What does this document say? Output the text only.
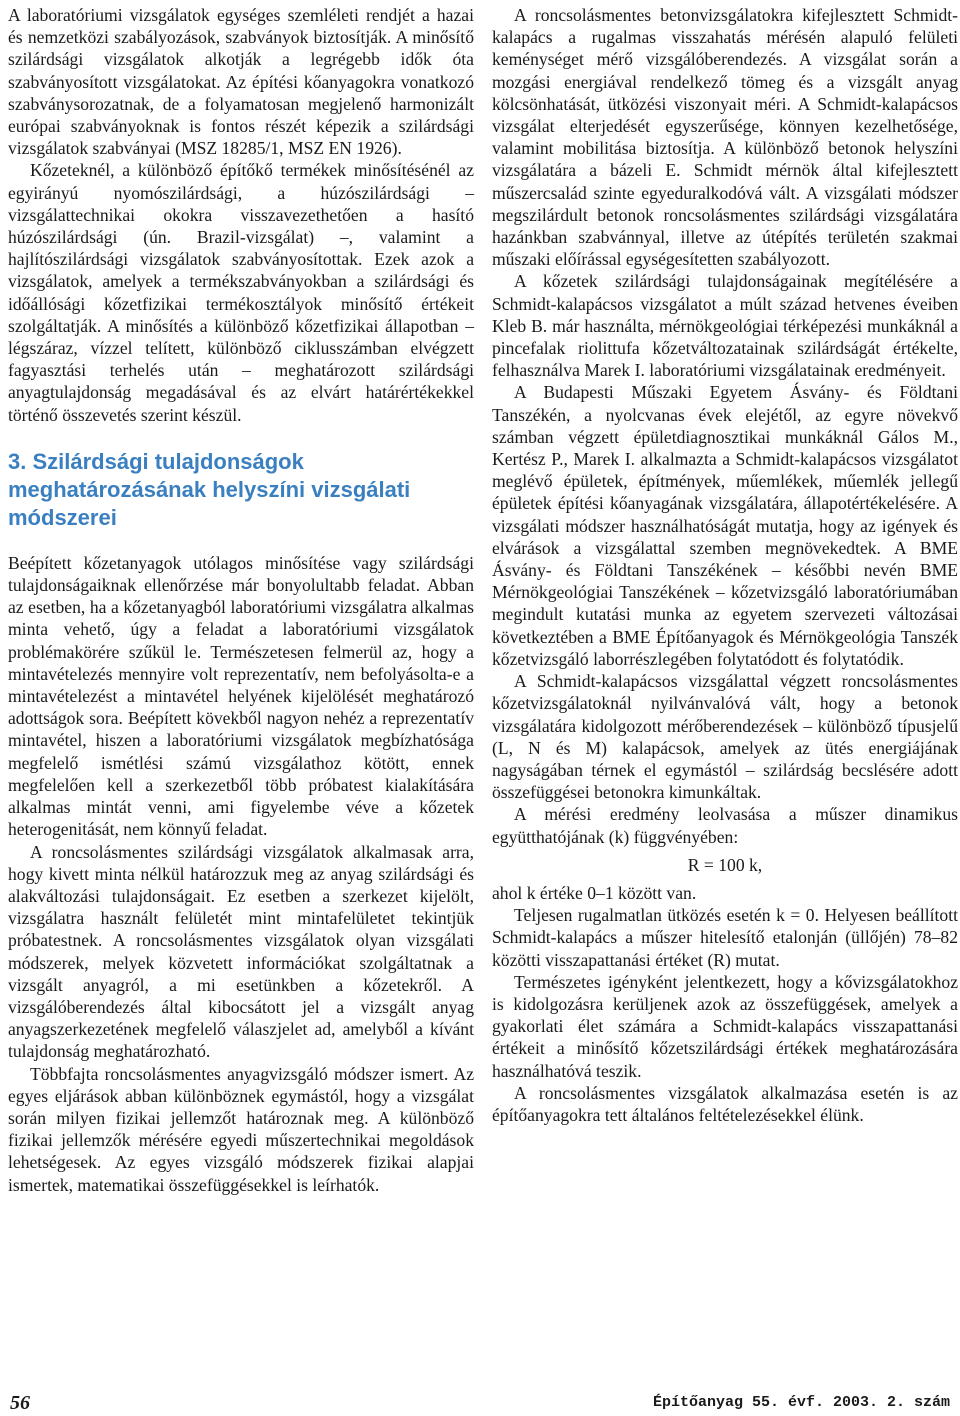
A laboratóriumi vizsgálatok egységes szemléleti rendjét a hazai és nemzetközi szabályozások, szabványok biztosítják. A minősítő szilárdsági vizsgálatok alkotják a legrégebb idők óta szabványosított vizsgálatokat. Az építési kőanyagokra vonatkozó szabványsorozatnak, de a folyamatosan megjelenő harmonizált európai szabványoknak is fontos részét képezik a szilárdsági vizsgálatok szabványai (MSZ 18285/1, MSZ EN 1926).

Kőzeteknél, a különböző építőkő termékek minősítésénél az egyirányú nyomószilárdsági, a húzószilárdsági – vizsgálattechnikai okokra visszavezethetően a hasító húzószilárdsági (ún. Brazil-vizsgálat) –, valamint a hajlítószilárdsági vizsgálatok szabványosítottak. Ezek azok a vizsgálatok, amelyek a termékszabványokban a szilárdsági és időállósági kőzetfizikai termékosztályok minősítő értékeit szolgáltatják. A minősítés a különböző kőzetfizikai állapotban – légszáraz, vízzel telített, különböző ciklusszámban elvégzett fagyasztási terhelés után – meghatározott szilárdsági anyagtulajdonság megadásával és az elvárt határértékekkel történő összevetés szerint készül.

3. Szilárdsági tulajdonságok meghatározásának helyszíni vizsgálati módszerei

Beépített kőzetanyagok utólagos minősítése vagy szilárdsági tulajdonságaiknak ellenőrzése már bonyolultabb feladat. Abban az esetben, ha a kőzetanyagból laboratóriumi vizsgálatra alkalmas minta vehető, úgy a feladat a laboratóriumi vizsgálatok problémakörére szűkül le. Természetesen felmerül az, hogy a mintavételezés mennyire volt reprezentatív, nem befolyásolta-e a mintavételezést a mintavétel helyének kijelölését meghatározó adottságok sora. Beépített kövekből nagyon nehéz a reprezentatív mintavétel, hiszen a laboratóriumi vizsgálatok megbízhatósága megfelelő ismétlési számú vizsgálathoz kötött, ennek megfelelően kell a szerkezetből több próbatest kialakítására alkalmas mintát venni, ami figyelembe véve a kőzetek heterogenitását, nem könnyű feladat.

A roncsolásmentes szilárdsági vizsgálatok alkalmasak arra, hogy kivett minta nélkül határozzuk meg az anyag szilárdsági és alakváltozási tulajdonságait. Ez esetben a szerkezet kijelölt, vizsgálatra használt felületét mint mintafelületet tekintjük próbatestnek. A roncsolásmentes vizsgálatok olyan vizsgálati módszerek, melyek közvetett információkat szolgáltatnak a vizsgált anyagról, a mi esetünkben a kőzetekről. A vizsgálóberendezés által kibocsátott jel a vizsgált anyag anyagszerkezetének megfelelő válaszjelet ad, amelyből a kívánt tulajdonság meghatározható.

Többfajta roncsolásmentes anyagvizsgáló módszer ismert. Az egyes eljárások abban különböznek egymástól, hogy a vizsgálat során milyen fizikai jellemzőt határoznak meg. A különböző fizikai jellemzők mérésére egyedi műszertechnikai megoldások lehetségesek. Az egyes vizsgáló módszerek fizikai alapjai ismertek, matematikai összefüggésekkel is leírhatók.

A roncsolásmentes betonvizsgálatokra kifejlesztett Schmidt-kalapács a rugalmas visszahatás mérésén alapuló felületi keménységet mérő vizsgálóberendezés. A vizsgálat során a mozgási energiával rendelkező tömeg és a vizsgált anyag kölcsönhatását, ütközési viszonyait méri. A Schmidt-kalapácsos vizsgálat elterjedését egyszerűsége, könnyen kezelhetősége, valamint mobilitása biztosítja. A különböző betonok helyszíni vizsgálatára a bázeli E. Schmidt mérnök által kifejlesztett műszercsalád szinte egyeduralkodóvá vált. A vizsgálati módszer megszilárdult betonok roncsolásmentes szilárdsági vizsgálatára hazánkban szabvánnyal, illetve az útépítés területén szakmai műszaki előírással egységesítetten szabályozott.

A kőzetek szilárdsági tulajdonságainak megítélésére a Schmidt-kalapácsos vizsgálatot a múlt század hetvenes éveiben Kleb B. már használta, mérnökgeológiai térképezési munkáknál a pincefalak riolittufa kőzetváltozatainak szilárdságát értékelte, felhasználva Marek I. laboratóriumi vizsgálatainak eredményeit.

A Budapesti Műszaki Egyetem Ásvány- és Földtani Tanszékén, a nyolcvanas évek elejétől, az egyre növekvő számban végzett épületdiagnosztikai munkáknál Gálos M., Kertész P., Marek I. alkalmazta a Schmidt-kalapácsos vizsgálatot meglévő épületek, építmények, műemlékek, műemlék jellegű épületek építési kőanyagának vizsgálatára, állapotértékelésére. A vizsgálati módszer használhatóságát mutatja, hogy az igények és elvárások a vizsgálattal szemben megnövekedtek. A BME Ásvány- és Földtani Tanszékének – későbbi nevén BME Mérnökgeológiai Tanszékének – kőzetvizsgáló laboratóriumában megindult kutatási munka az egyetem szervezeti változásai következtében a BME Építőanyagok és Mérnökgeológia Tanszék kőzetvizsgáló laborrészlegében folytatódott és folytatódik.

A Schmidt-kalapácsos vizsgálattal végzett roncsolásmentes kőzetvizsgálatoknál nyilvánvalóvá vált, hogy a betonok vizsgálatára kidolgozott mérőberendezések – különböző típusjelű (L, N és M) kalapácsok, amelyek az ütés energiájának nagyságában térnek el egymástól – szilárdság becslésére adott összefüggései betonokra kimunkáltak.

A mérési eredmény leolvasása a műszer dinamikus együtthatójának (k) függvényében:

R = 100 k,

ahol k értéke 0–1 között van.

Teljesen rugalmatlan ütközés esetén k = 0. Helyesen beállított Schmidt-kalapács a műszer hitelesítő etalonján (üllőjén) 78–82 közötti visszapattanási értéket (R) mutat.

Természetes igényként jelentkezett, hogy a kővizsgálatokhoz is kidolgozásra kerüljenek azok az összefüggések, amelyek a gyakorlati élet számára a Schmidt-kalapács visszapattanási értékeit a minősítő kőzetszilárdsági értékek meghatározására használhatóvá teszik.

A roncsolásmentes vizsgálatok alkalmazása esetén is az építőanyagokra tett általános feltételezésekkel élünk.

56	Építőanyag 55. évf. 2003. 2. szám
